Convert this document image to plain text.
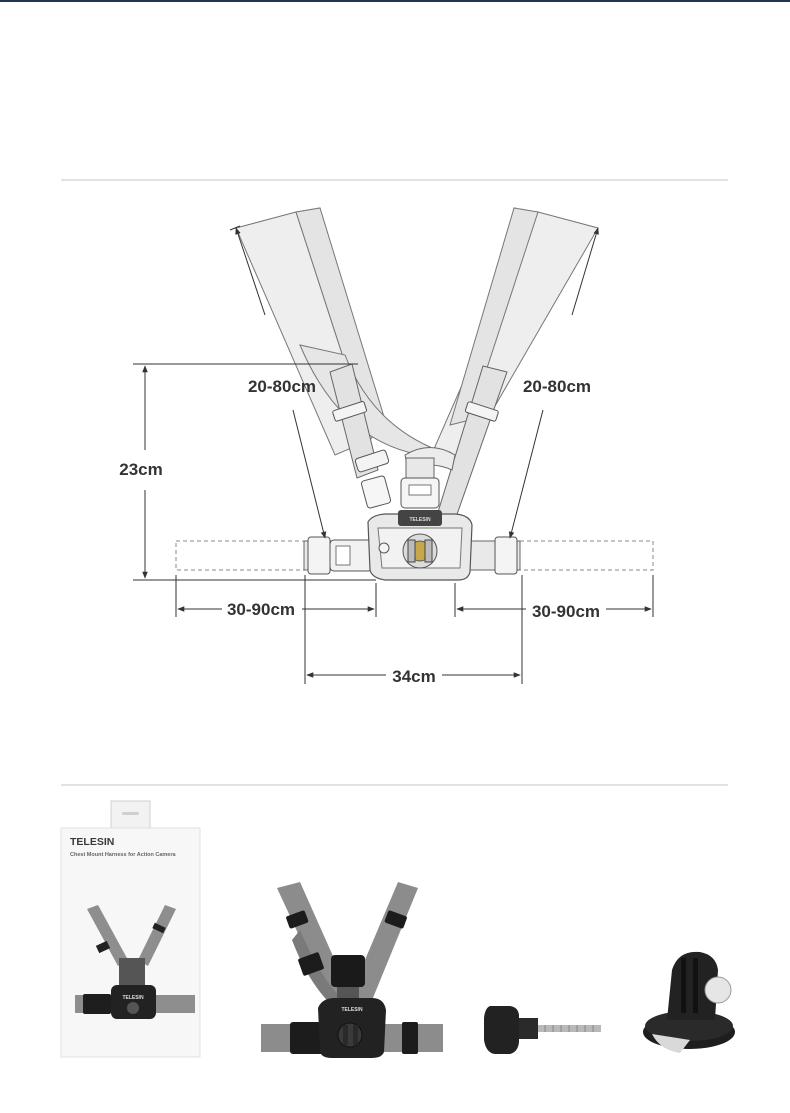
TELESIN
20-80cm	20-80cm
23cm
30-90cm	30-90cm
34cm
TELESIN
Chest Mount Harness for Action Camera
TELESIN
TELESIN
